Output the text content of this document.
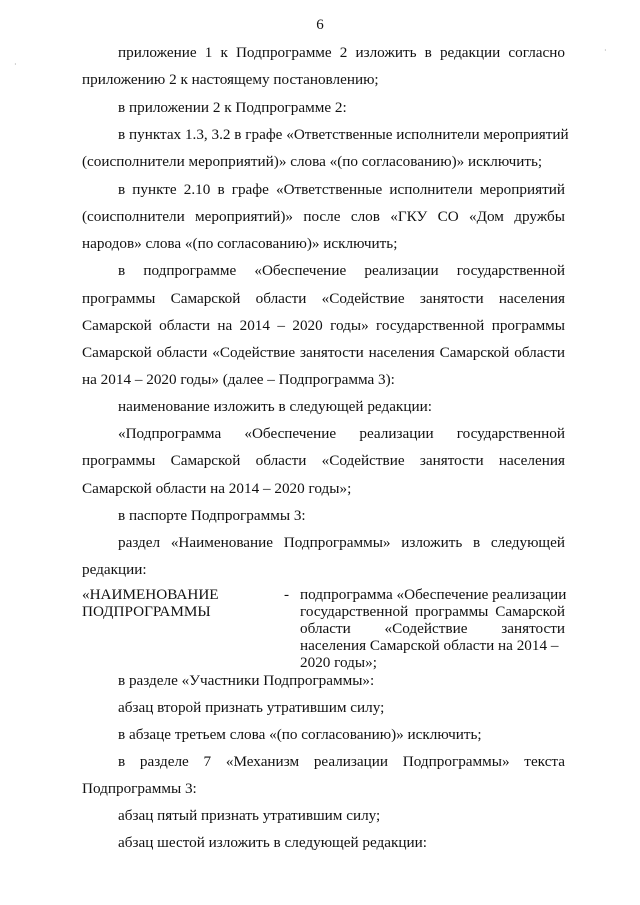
6
приложение 1 к Подпрограмме 2 изложить в редакции согласно
приложению 2 к настоящему постановлению;
в приложении 2 к Подпрограмме 2:
в пунктах 1.3, 3.2 в графе «Ответственные исполнители мероприятий
(соисполнители мероприятий)» слова «(по согласованию)» исключить;
в пункте 2.10 в графе «Ответственные исполнители мероприятий
(соисполнители мероприятий)» после слов «ГКУ СО «Дом дружбы
народов» слова «(по согласованию)» исключить;
в подпрограмме «Обеспечение реализации государственной
программы Самарской области «Содействие занятости населения
Самарской области на 2014 – 2020 годы» государственной программы
Самарской области «Содействие занятости населения Самарской области
на 2014 – 2020 годы» (далее – Подпрограмма 3):
наименование изложить в следующей редакции:
«Подпрограмма «Обеспечение реализации государственной
программы Самарской области «Содействие занятости населения
Самарской области на 2014 – 2020 годы»;
в паспорте Подпрограммы 3:
раздел «Наименование Подпрограммы» изложить в следующей
редакции:
«НАИМЕНОВАНИЕ
ПОДПРОГРАММЫ
- подпрограмма «Обеспечение реализации
государственной программы Самарской
области «Содействие занятости
населения Самарской области на 2014 –
2020 годы»;
в разделе «Участники Подпрограммы»:
абзац второй признать утратившим силу;
в абзаце третьем слова «(по согласованию)» исключить;
в разделе 7 «Механизм реализации Подпрограммы» текста
Подпрограммы 3:
абзац пятый признать утратившим силу;
абзац шестой изложить в следующей редакции:
·
·
